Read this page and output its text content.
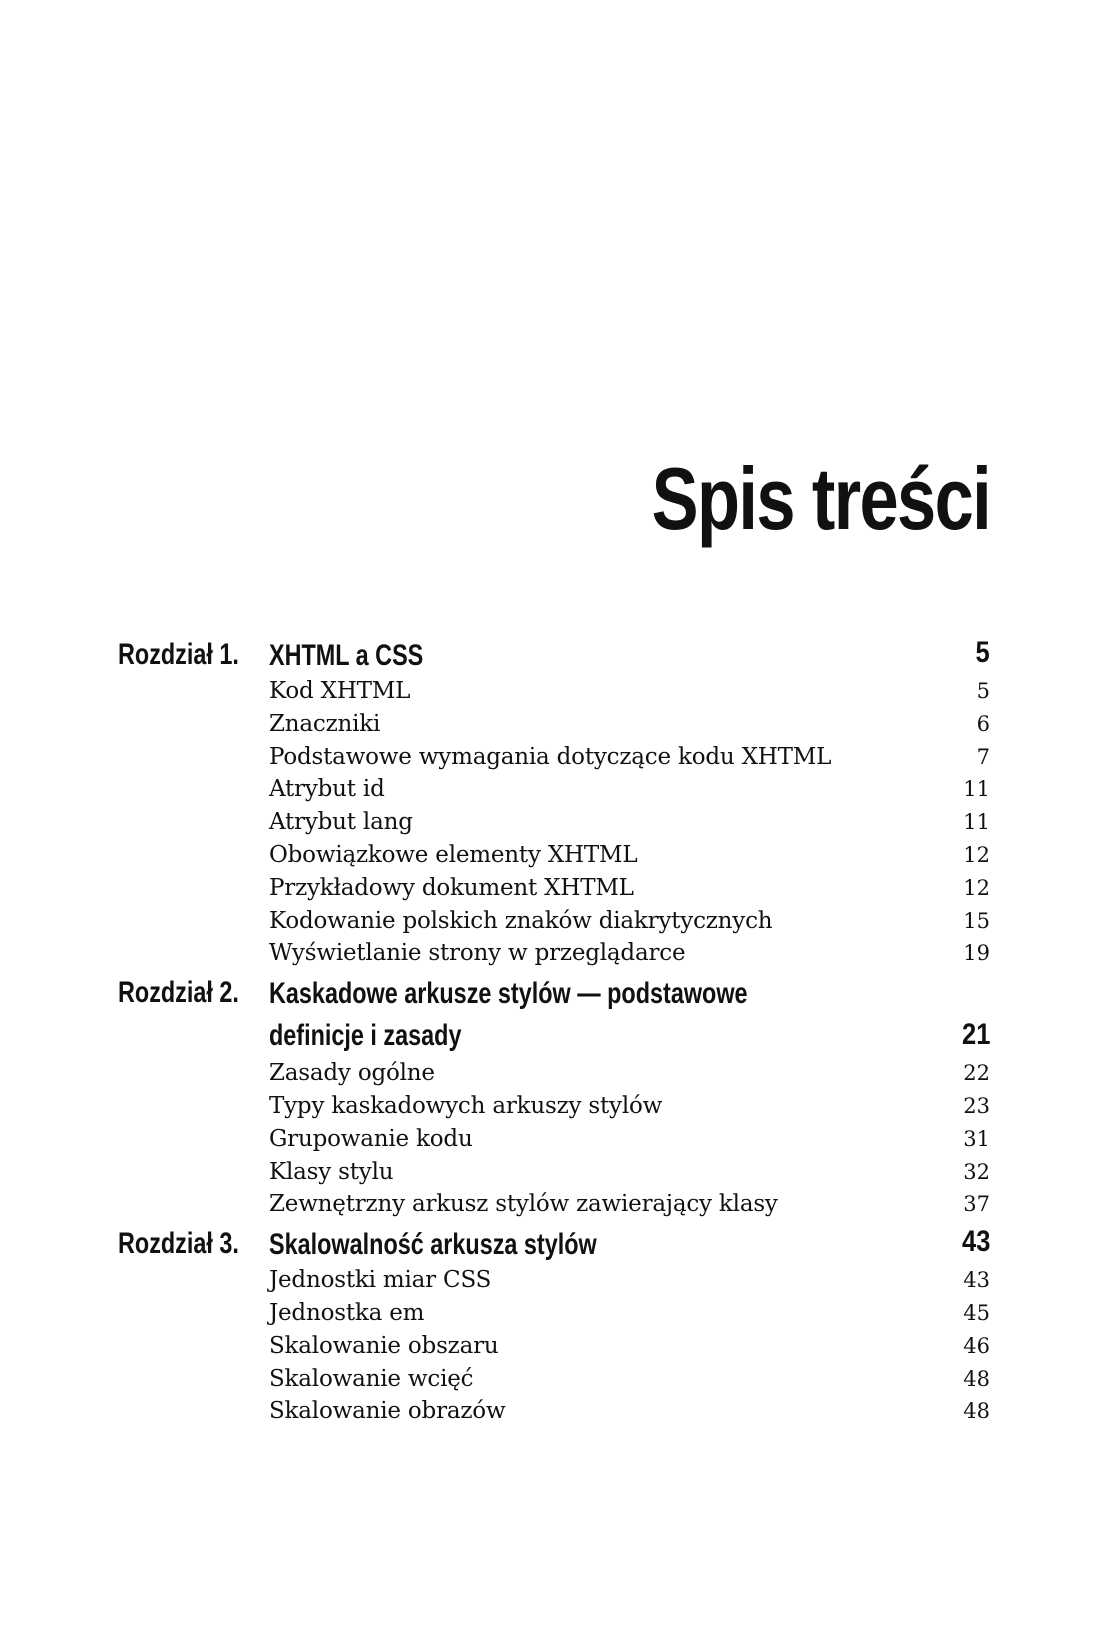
Spis treści
Rozdział 1. XHTML a CSS	5
Kod XHTML	5
Znaczniki	6
Podstawowe wymagania dotyczące kodu XHTML	7
Atrybut id	11
Atrybut lang	11
Obowiązkowe elementy XHTML	12
Przykładowy dokument XHTML	12
Kodowanie polskich znaków diakrytycznych	15
Wyświetlanie strony w przeglądarce	19
Rozdział 2. Kaskadowe arkusze stylów — podstawowe definicje i zasady	21
Zasady ogólne	22
Typy kaskadowych arkuszy stylów	23
Grupowanie kodu	31
Klasy stylu	32
Zewnętrzny arkusz stylów zawierający klasy	37
Rozdział 3. Skalowalność arkusza stylów	43
Jednostki miar CSS	43
Jednostka em	45
Skalowanie obszaru	46
Skalowanie wcięć	48
Skalowanie obrazów	48
